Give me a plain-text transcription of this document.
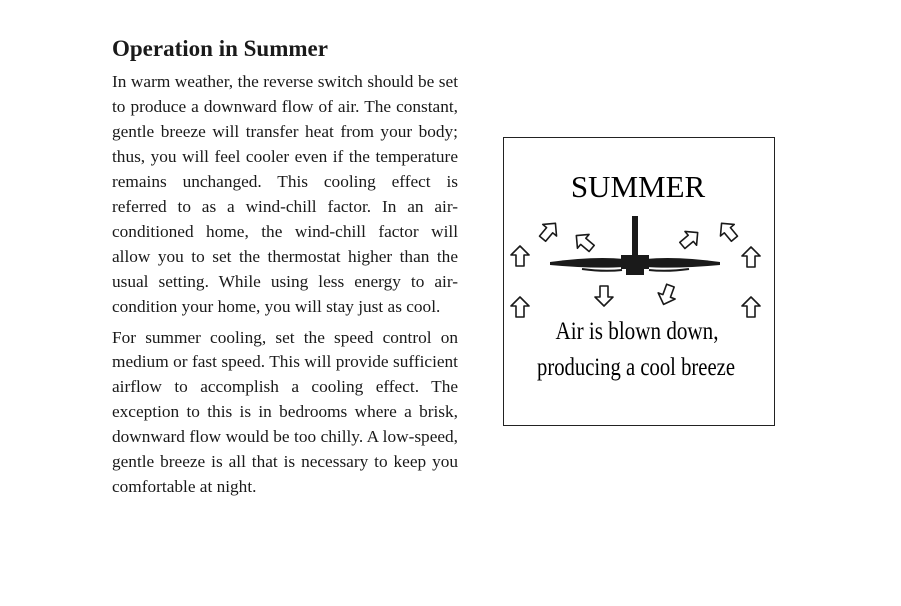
Operation in Summer

In warm weather, the reverse switch should be set to produce a downward flow of air. The constant, gentle breeze will transfer heat from your body; thus, you will feel cooler even if the temperature remains unchanged. This cooling effect is referred to as a wind-chill factor. In an air-conditioned home, the wind-chill factor will allow you to set the thermostat higher than the usual setting. While using less energy to air-condition your home, you will stay just as cool.

For summer cooling, set the speed control on medium or fast speed. This will provide sufficient airflow to accomplish a cooling effect. The exception to this is in bedrooms where a brisk, downward flow would be too chilly. A low-speed, gentle breeze is all that is necessary to keep you comfortable at night.

SUMMER
Air is blown down,
producing a cool breeze
